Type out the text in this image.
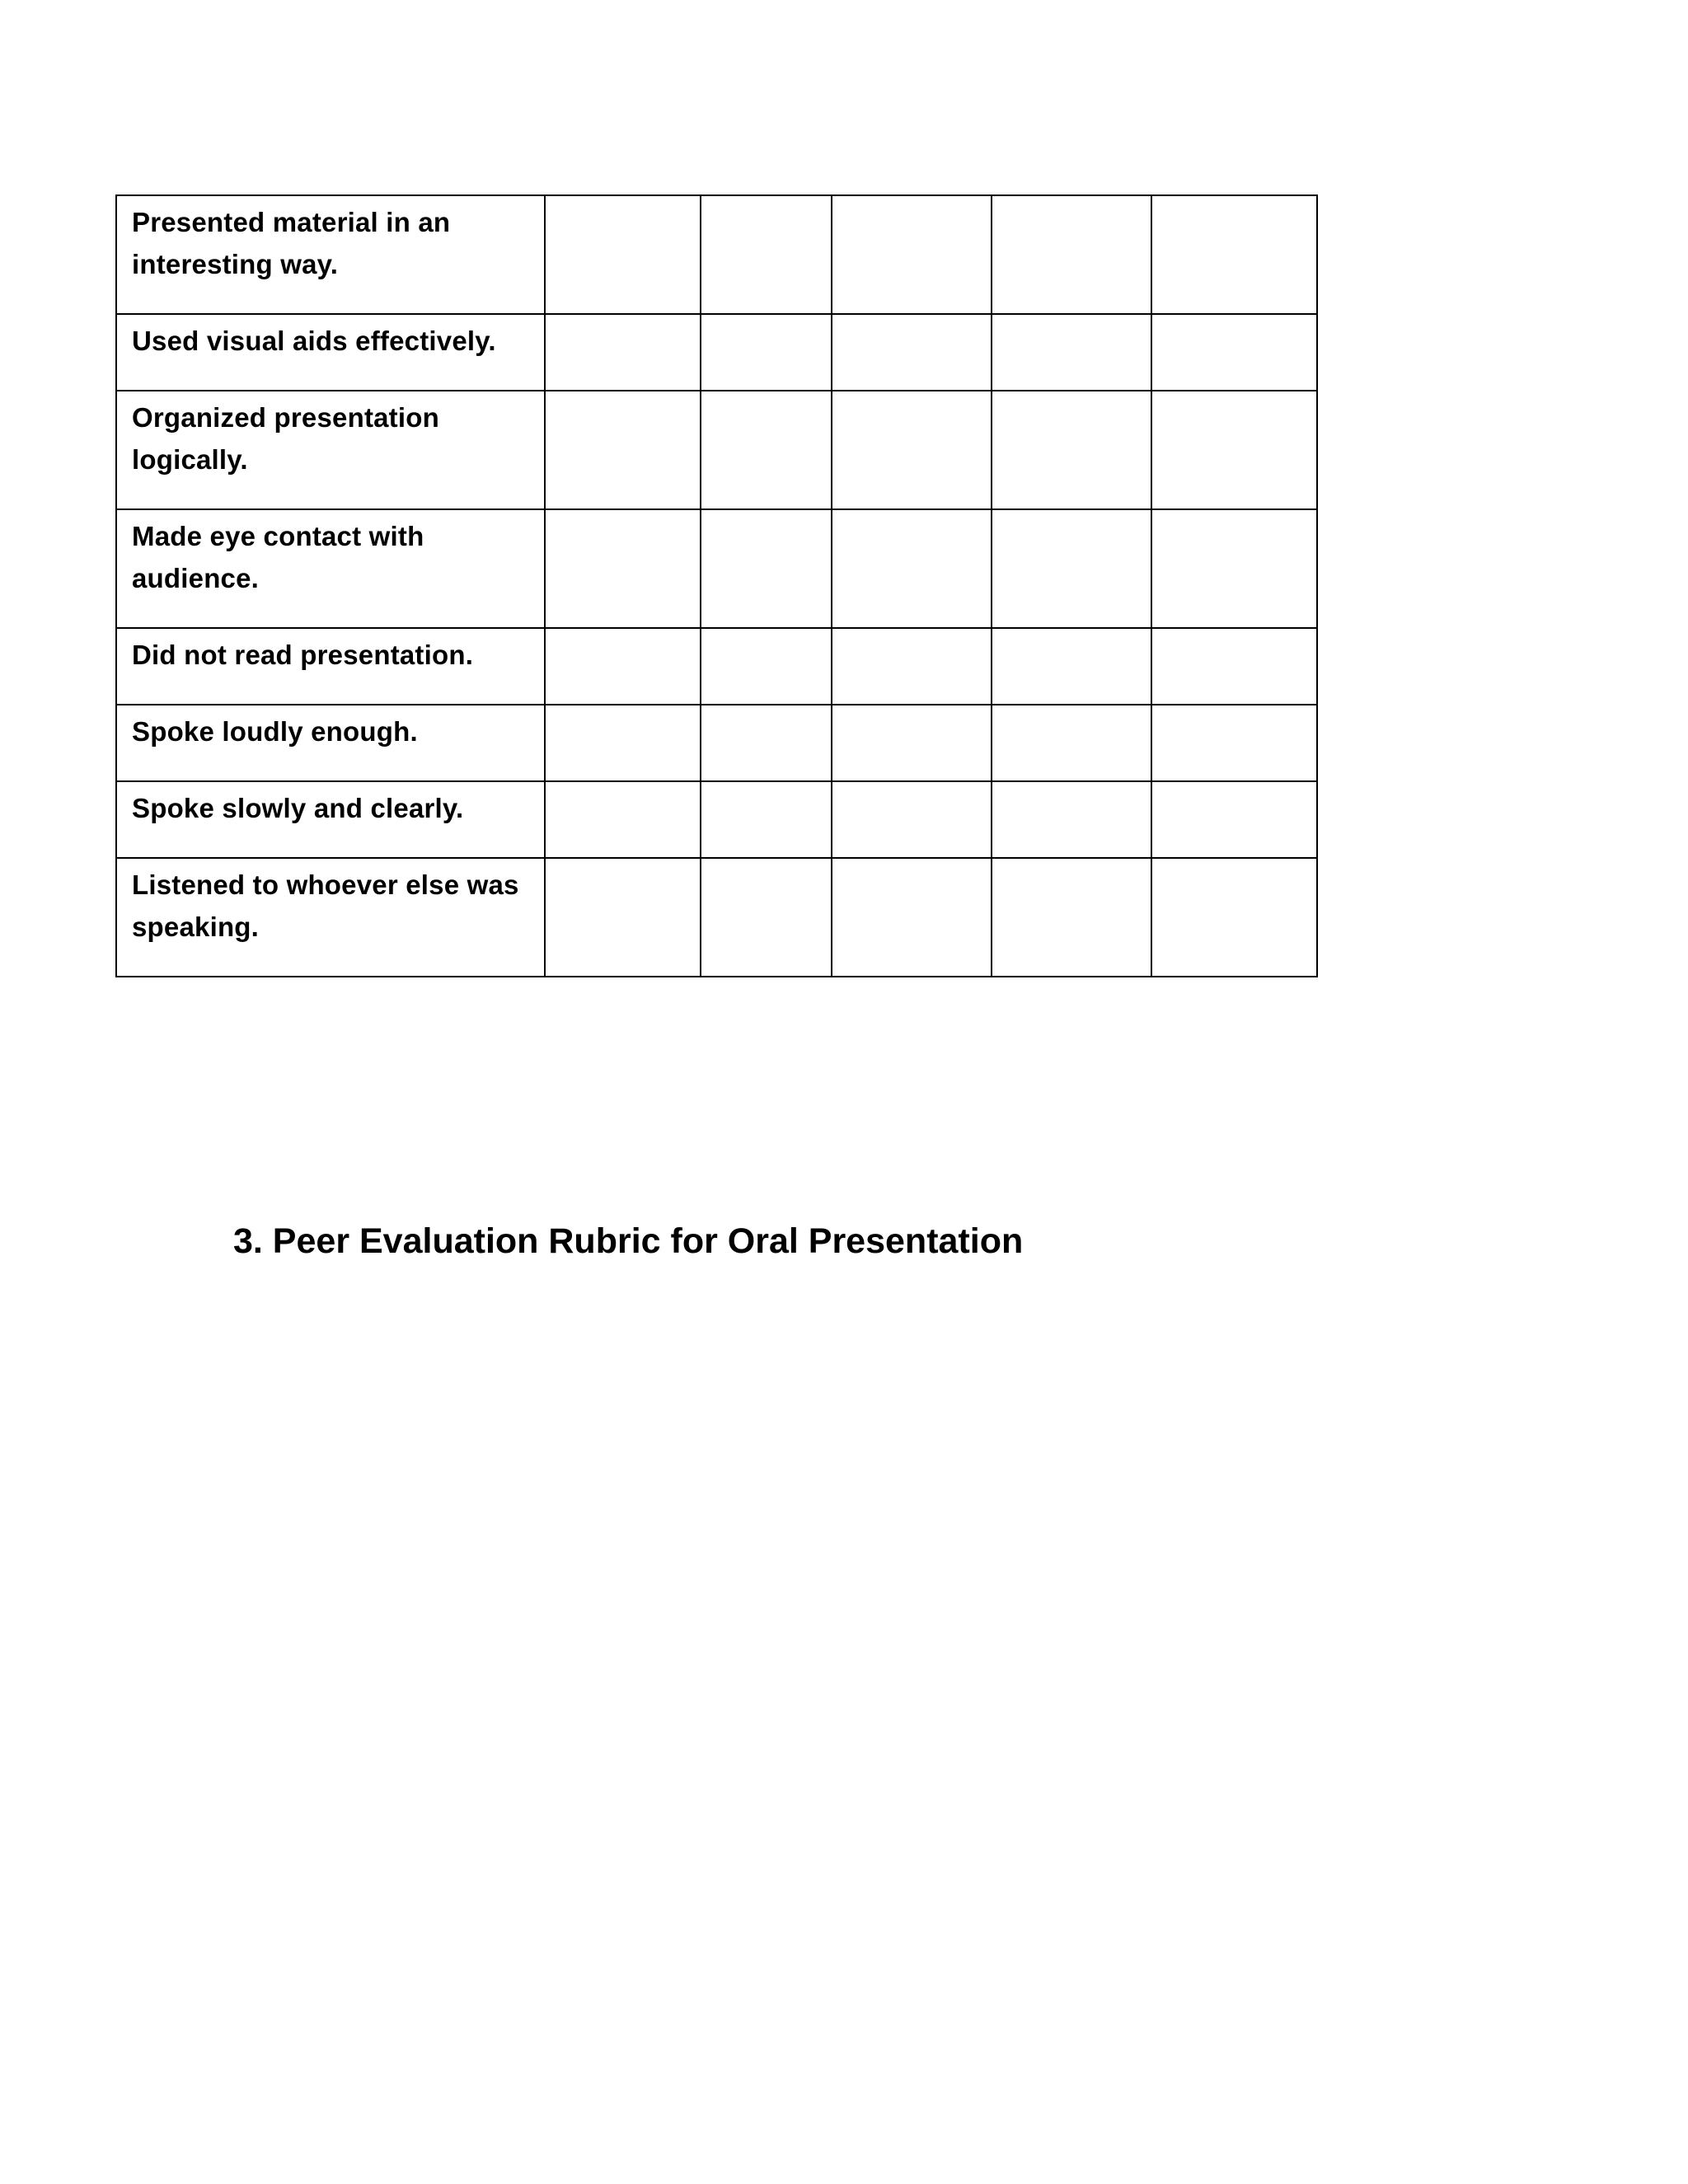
Presented material in an interesting way.					
Used visual aids effectively.					
Organized presentation logically.					
Made eye contact with audience.					
Did not read presentation.					
Spoke loudly enough.					
Spoke slowly and clearly.					
Listened to whoever else was speaking.					
3. Peer Evaluation Rubric for Oral Presentation
